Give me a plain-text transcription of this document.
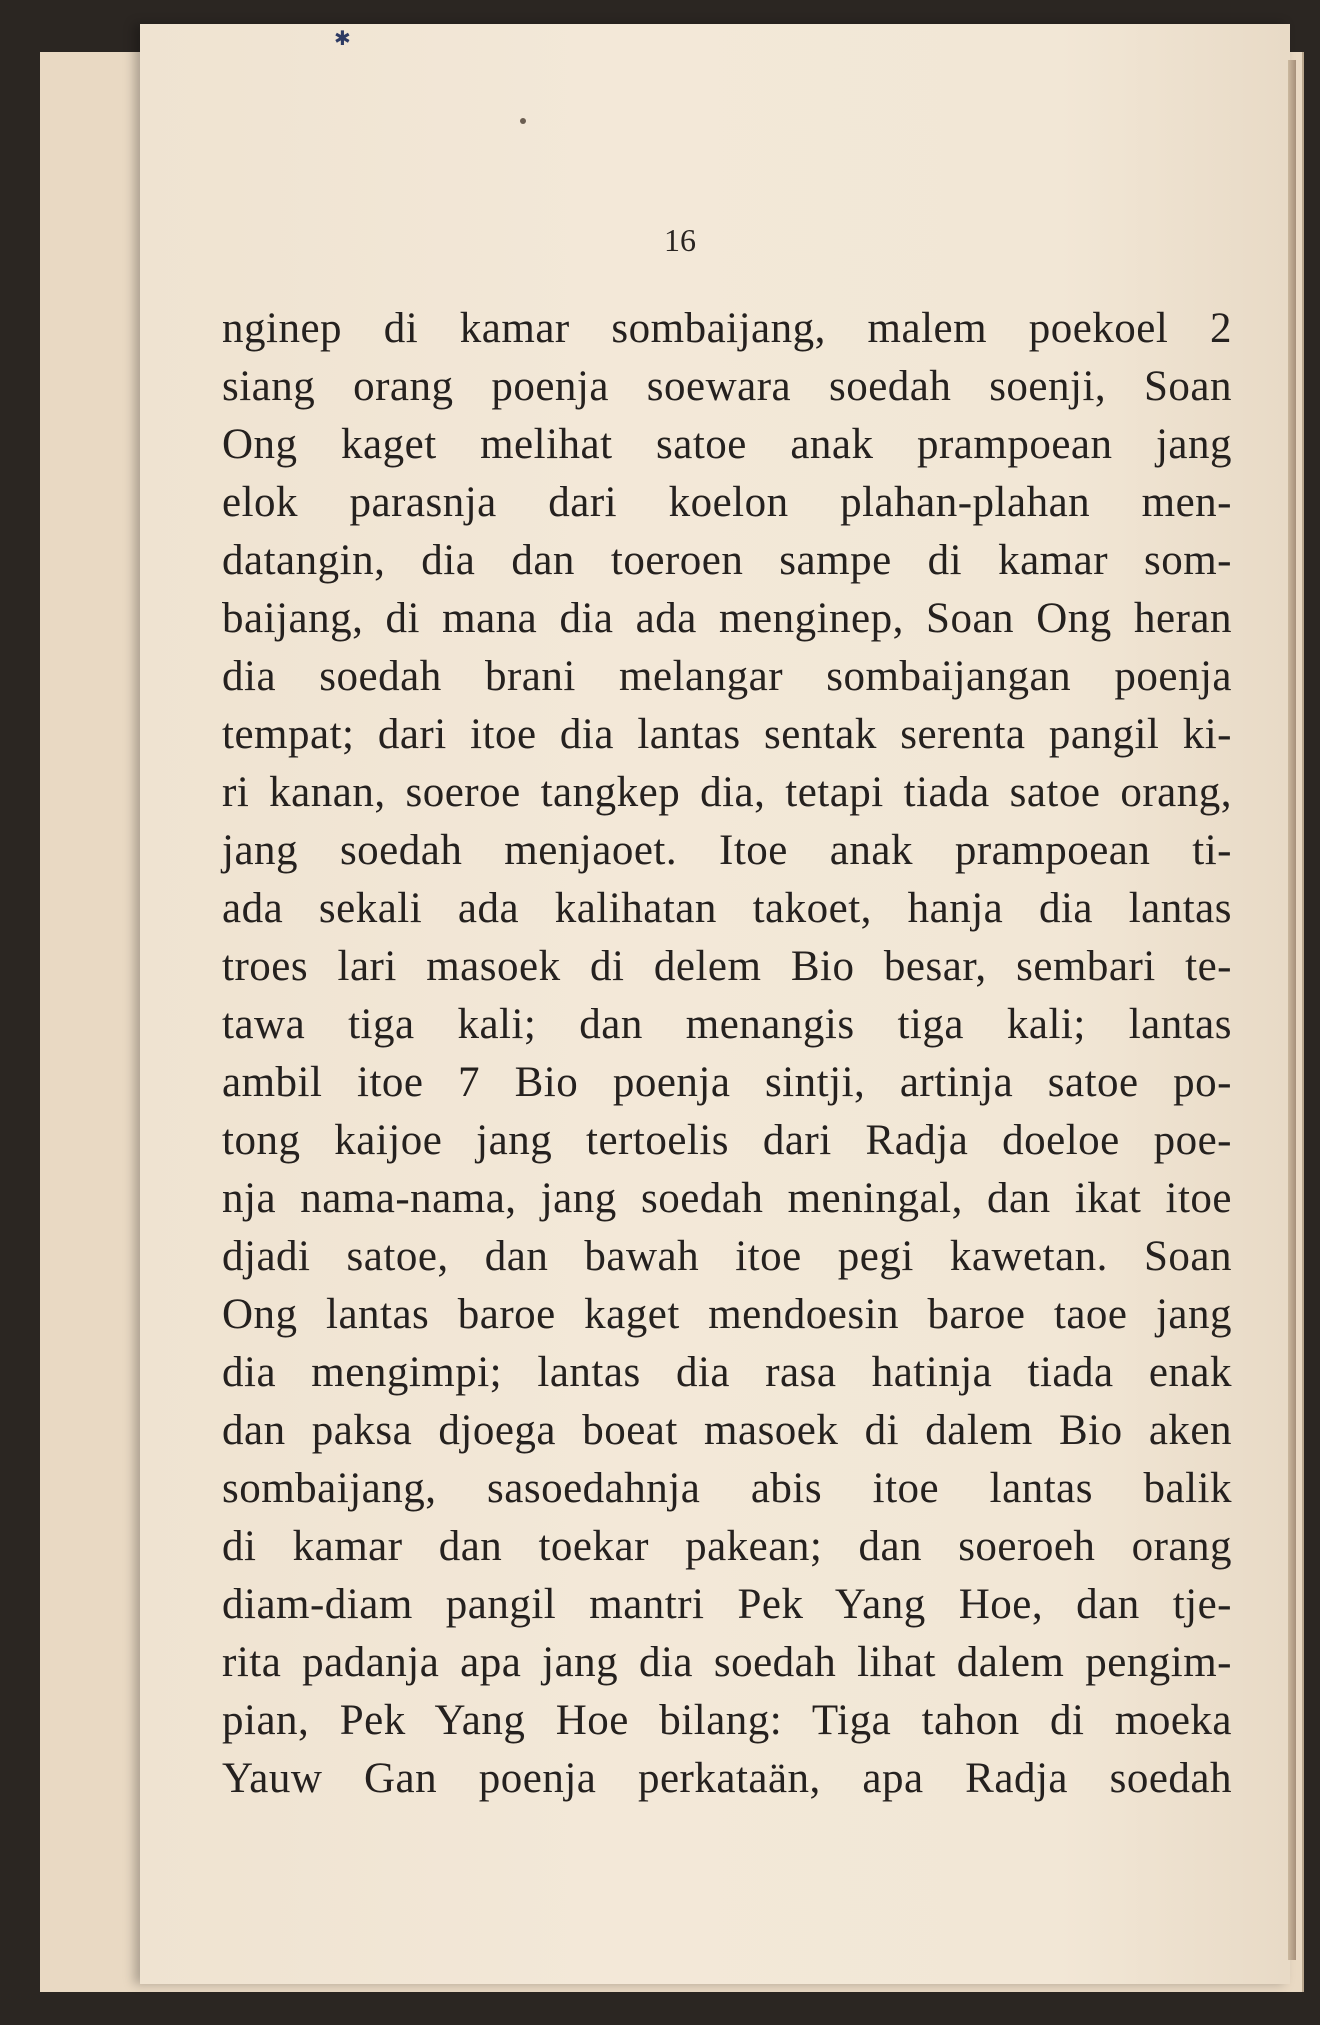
✱
16
nginep di kamar sombaijang, malem poekoel 2
siang orang poenja soewara soedah soenji, Soan
Ong kaget melihat satoe anak prampoean jang
elok parasnja dari koelon plahan-plahan men-
datangin, dia dan toeroen sampe di kamar som-
baijang, di mana dia ada menginep, Soan Ong heran
dia soedah brani melangar sombaijangan poenja
tempat; dari itoe dia lantas sentak serenta pangil ki-
ri kanan, soeroe tangkep dia, tetapi tiada satoe orang,
jang soedah menjaoet. Itoe anak prampoean ti-
ada sekali ada kalihatan takoet, hanja dia lantas
troes lari masoek di delem Bio besar, sembari te-
tawa tiga kali; dan menangis tiga kali; lantas
ambil itoe 7 Bio poenja sintji, artinja satoe po-
tong kaijoe jang tertoelis dari Radja doeloe poe-
nja nama-nama, jang soedah meningal, dan ikat itoe
djadi satoe, dan bawah itoe pegi kawetan. Soan
Ong lantas baroe kaget mendoesin baroe taoe jang
dia mengimpi; lantas dia rasa hatinja tiada enak
dan paksa djoega boeat masoek di dalem Bio aken
sombaijang, sasoedahnja abis itoe lantas balik
di kamar dan toekar pakean; dan soeroeh orang
diam-diam pangil mantri Pek Yang Hoe, dan tje-
rita padanja apa jang dia soedah lihat dalem pengim-
pian, Pek Yang Hoe bilang: Tiga tahon di moeka
Yauw Gan poenja perkataän, apa Radja soedah
